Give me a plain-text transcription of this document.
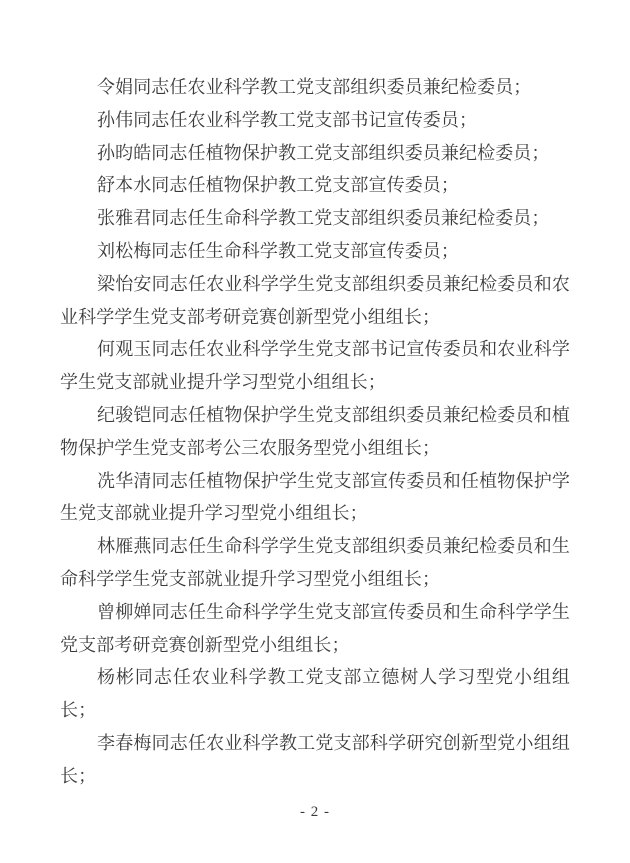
令娟同志任农业科学教工党支部组织委员兼纪检委员；
孙伟同志任农业科学教工党支部书记宣传委员；
孙昀皓同志任植物保护教工党支部组织委员兼纪检委员；
舒本水同志任植物保护教工党支部宣传委员；
张雅君同志任生命科学教工党支部组织委员兼纪检委员；
刘松梅同志任生命科学教工党支部宣传委员；
梁怡安同志任农业科学学生党支部组织委员兼纪检委员和农
业科学学生党支部考研竞赛创新型党小组组长；
何观玉同志任农业科学学生党支部书记宣传委员和农业科学
学生党支部就业提升学习型党小组组长；
纪骏铠同志任植物保护学生党支部组织委员兼纪检委员和植
物保护学生党支部考公三农服务型党小组组长；
冼华清同志任植物保护学生党支部宣传委员和任植物保护学
生党支部就业提升学习型党小组组长；
林雁燕同志任生命科学学生党支部组织委员兼纪检委员和生
命科学学生党支部就业提升学习型党小组组长；
曾柳婵同志任生命科学学生党支部宣传委员和生命科学学生
党支部考研竞赛创新型党小组组长；
杨彬同志任农业科学教工党支部立德树人学习型党小组组
长；
李春梅同志任农业科学教工党支部科学研究创新型党小组组
长；
- 2 -
